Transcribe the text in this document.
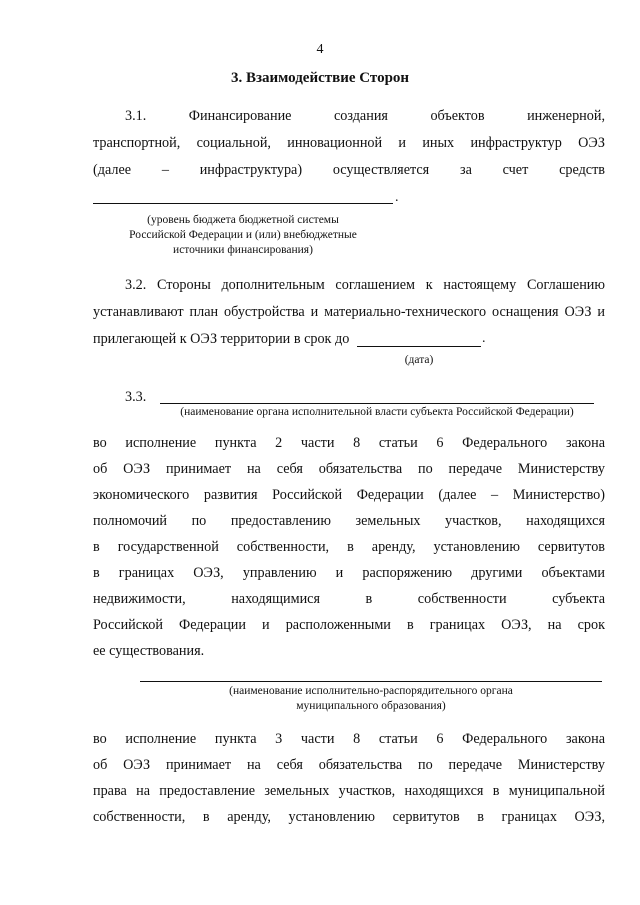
4
3. Взаимодействие Сторон
3.1. Финансирование создания объектов инженерной,
транспортной, социальной, инновационной и иных инфраструктур ОЭЗ
(далее – инфраструктура) осуществляется за счет средств
.
(уровень бюджета бюджетной системы
Российской Федерации и (или) внебюджетные
источники финансирования)
3.2. Стороны дополнительным соглашением к настоящему Соглашению
устанавливают план обустройства и материально-технического оснащения ОЭЗ и
прилегающей к ОЭЗ территории в срок до	.
(дата)
3.3.
(наименование органа исполнительной власти субъекта Российской Федерации)
во исполнение пункта 2 части 8 статьи 6 Федерального закона
об ОЭЗ принимает на себя обязательства по передаче Министерству
экономического развития Российской Федерации (далее – Министерство)
полномочий по предоставлению земельных участков, находящихся
в государственной собственности, в аренду, установлению сервитутов
в границах ОЭЗ, управлению и распоряжению другими объектами
недвижимости, находящимися в собственности субъекта
Российской Федерации и расположенными в границах ОЭЗ, на срок
ее существования.
(наименование исполнительно-распорядительного органа
муниципального образования)
во исполнение пункта 3 части 8 статьи 6 Федерального закона
об ОЭЗ принимает на себя обязательства по передаче Министерству
права на предоставление земельных участков, находящихся в муниципальной
собственности, в аренду, установлению сервитутов в границах ОЭЗ,
